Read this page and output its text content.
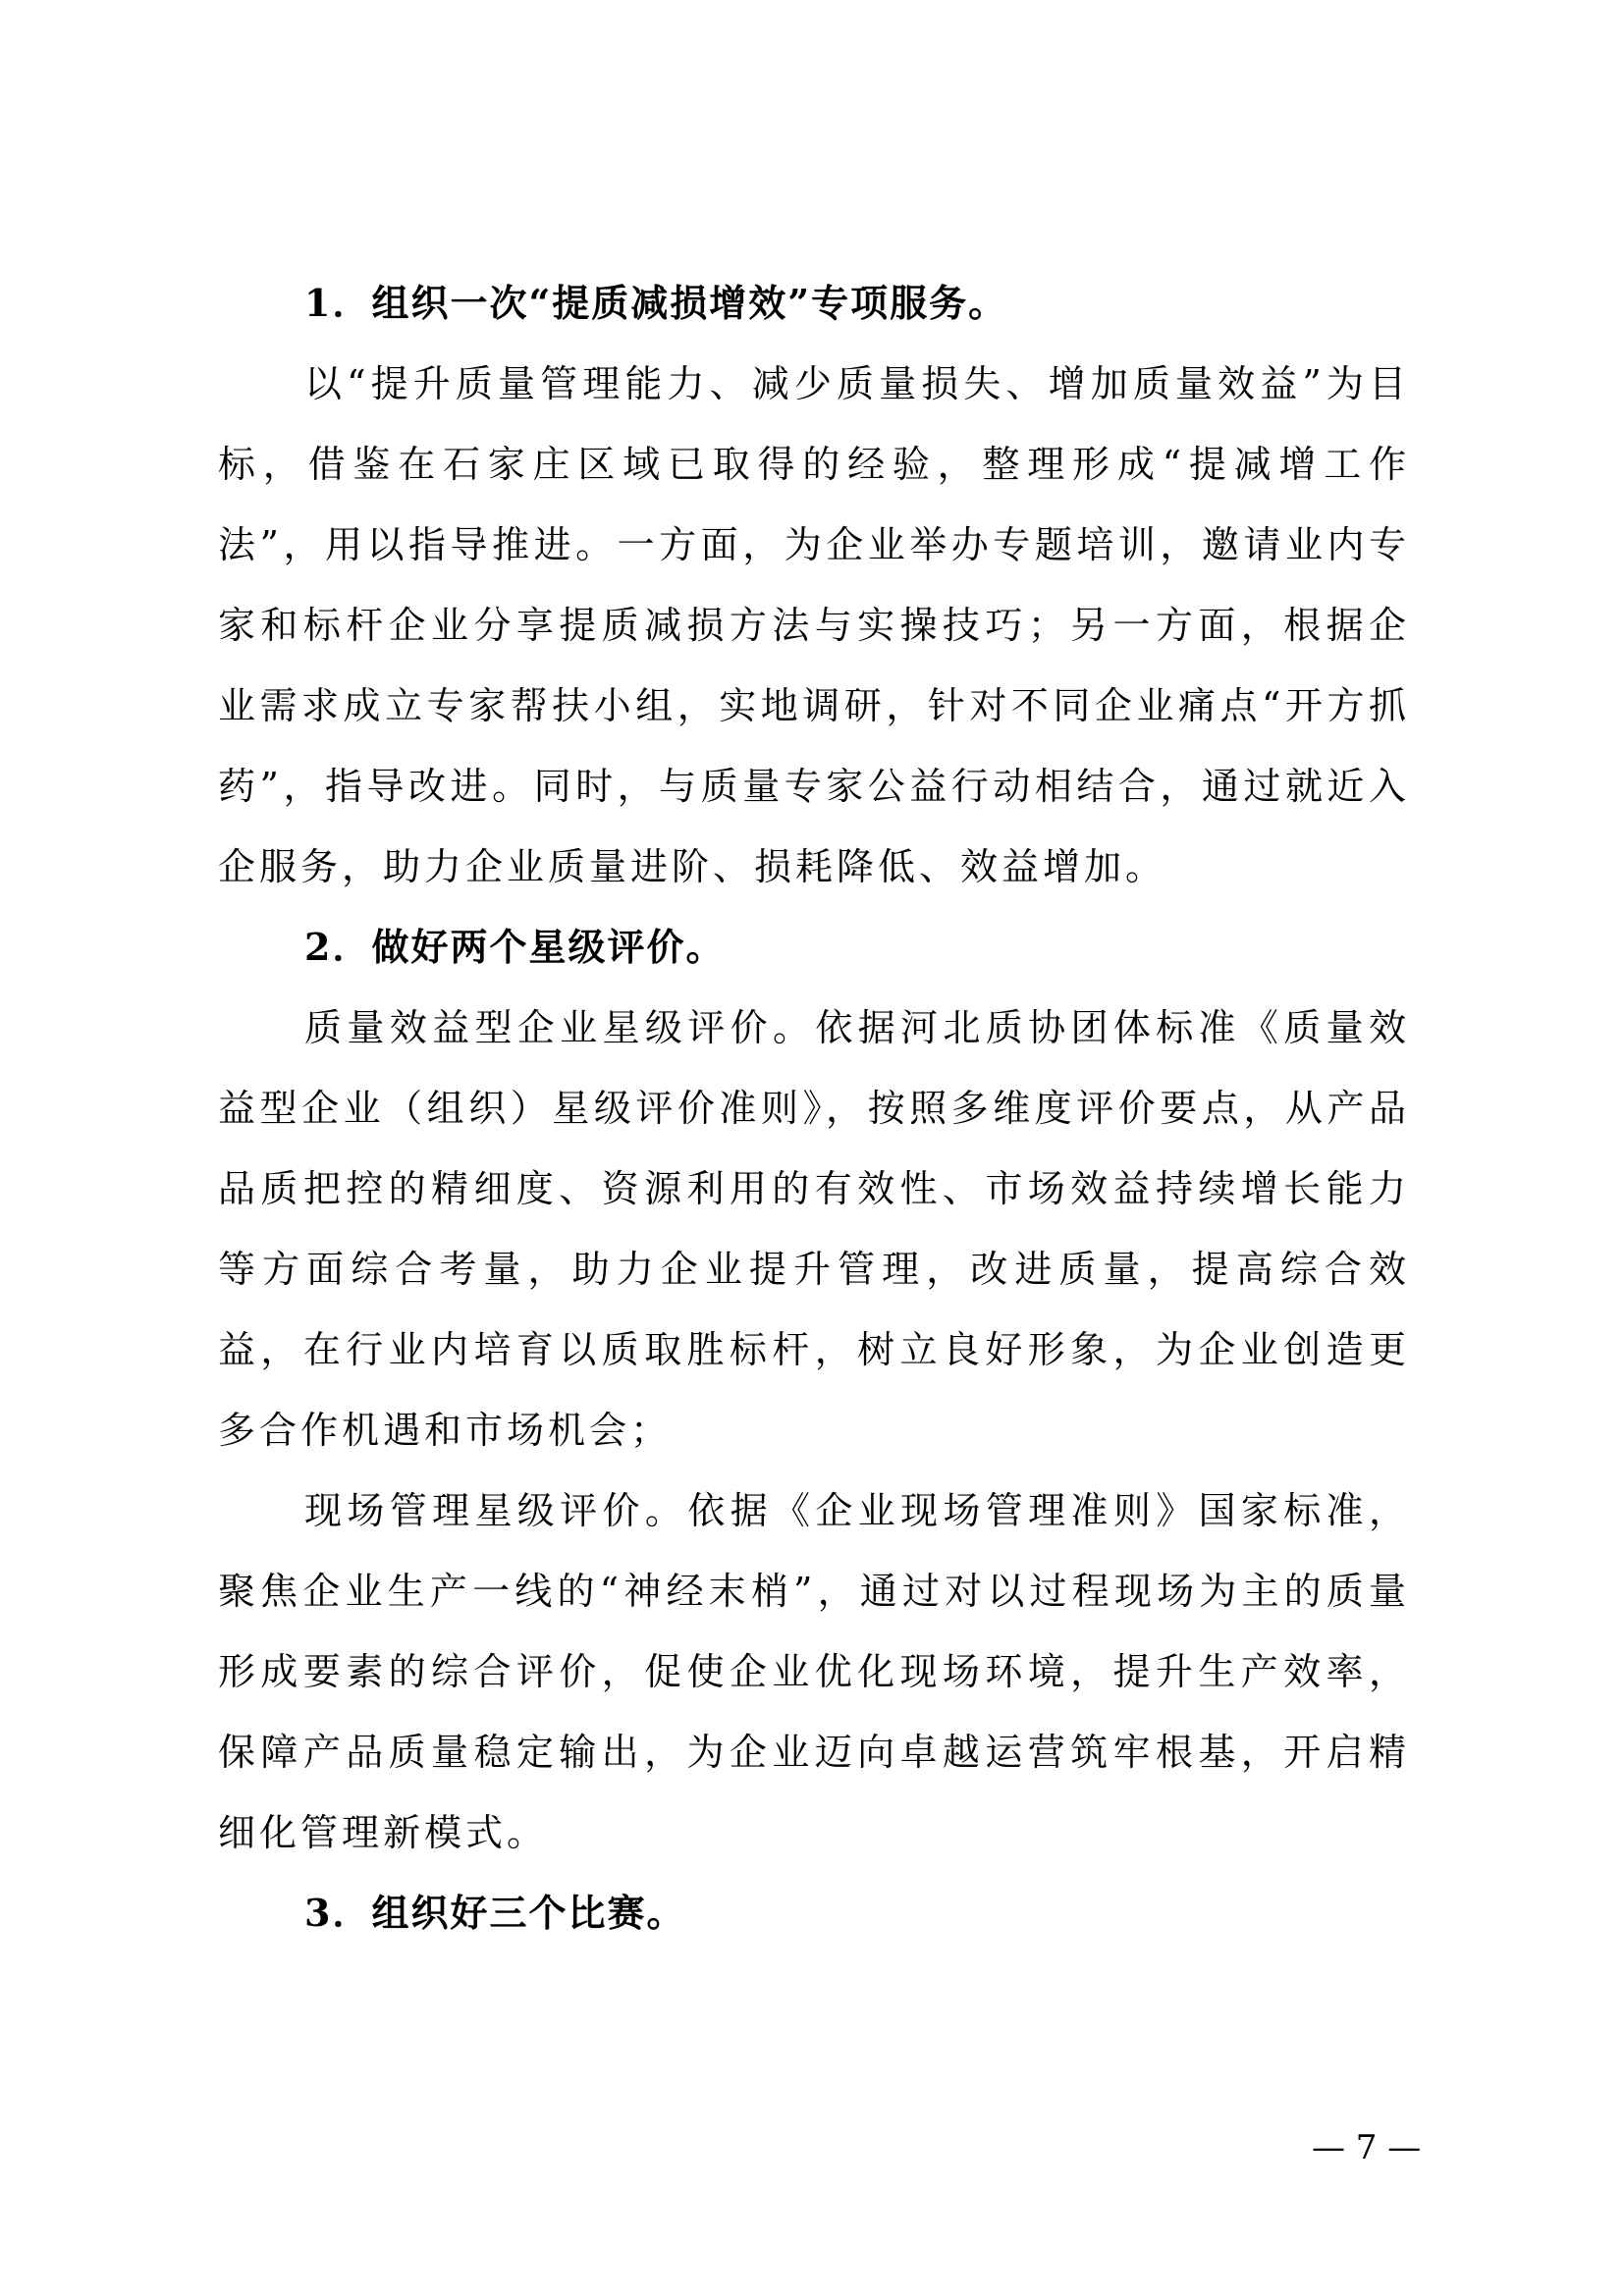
1．组织一次“提质减损增效”专项服务。

以“提升质量管理能力、减少质量损失、增加质量效益”为目标，借鉴在石家庄区域已取得的经验，整理形成“提减增工作法”，用以指导推进。一方面，为企业举办专题培训，邀请业内专家和标杆企业分享提质减损方法与实操技巧；另一方面，根据企业需求成立专家帮扶小组，实地调研，针对不同企业痛点“开方抓药”，指导改进。同时，与质量专家公益行动相结合，通过就近入企服务，助力企业质量进阶、损耗降低、效益增加。

2．做好两个星级评价。

质量效益型企业星级评价。依据河北质协团体标准《质量效益型企业（组织）星级评价准则》，按照多维度评价要点，从产品品质把控的精细度、资源利用的有效性、市场效益持续增长能力等方面综合考量，助力企业提升管理，改进质量，提高综合效益，在行业内培育以质取胜标杆，树立良好形象，为企业创造更多合作机遇和市场机会；

现场管理星级评价。依据《企业现场管理准则》国家标准，聚焦企业生产一线的“神经末梢”，通过对以过程现场为主的质量形成要素的综合评价，促使企业优化现场环境，提升生产效率，保障产品质量稳定输出，为企业迈向卓越运营筑牢根基，开启精细化管理新模式。

3．组织好三个比赛。

— 7 —
